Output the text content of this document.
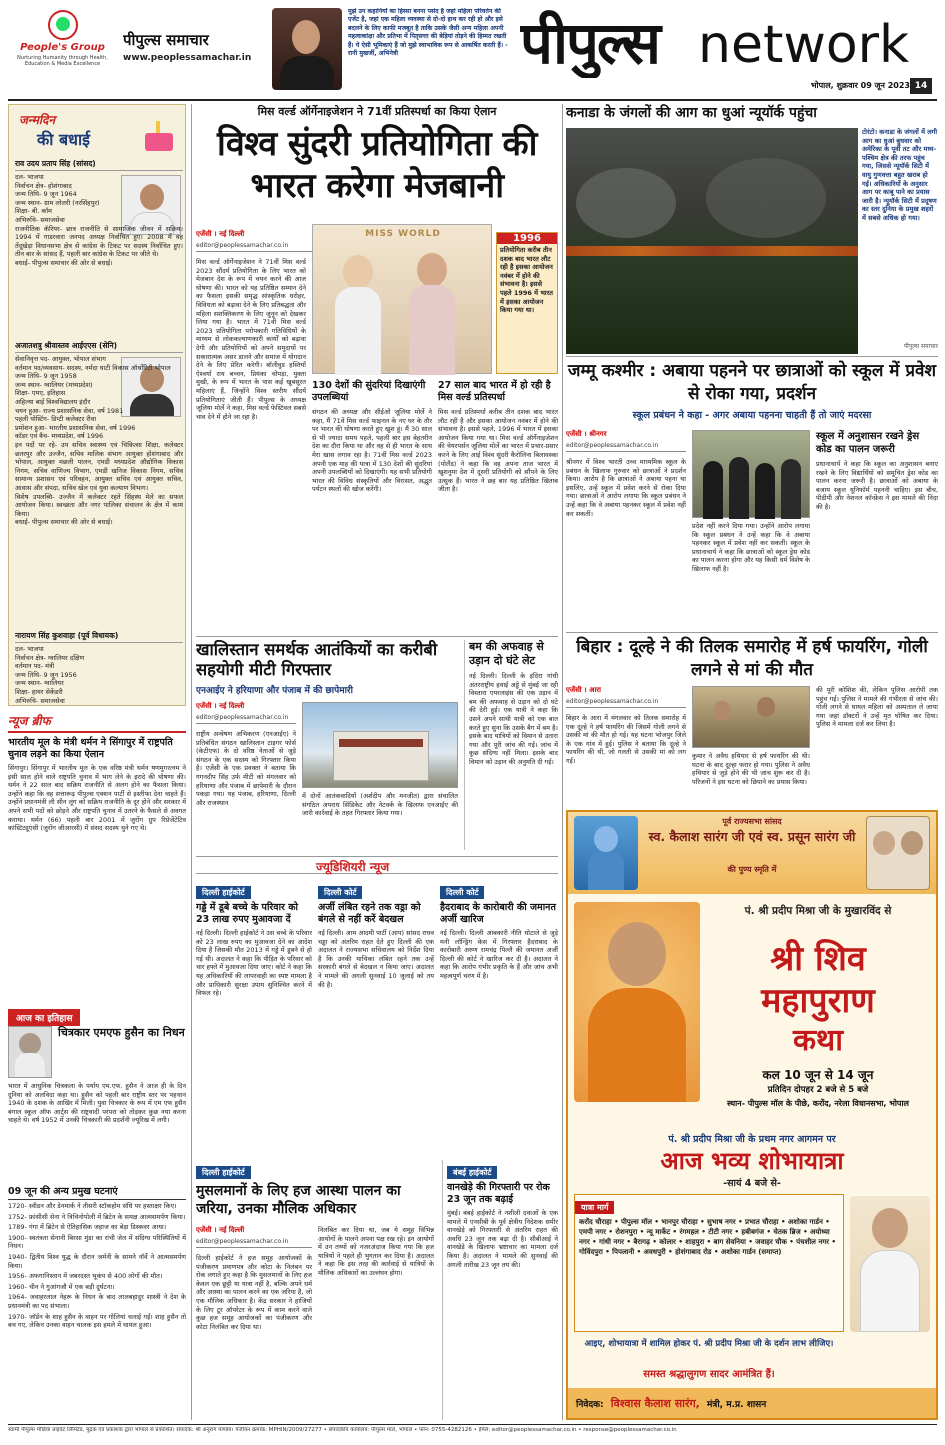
People's Group
Nurturing Humanity through Health, Education & Media Excellence
पीपुल्स समाचार
www.peoplessamachar.in
मुझे उन कहानियों का हिस्सा बनना पसंद है जहां महिला परिवर्तन की एजेंट है, जहां एक महिला व्यवस्था से दो-दो हाथ कर रही हो और इसे बदलने के लिए काफी मजबूत है ताकि उसके जैसी अन्य महिला अपनी महत्वाकांक्षा और प्रतिभा में पितृसत्ता की बेड़ियां तोड़ने की हिम्मत रखती हैं। ये ऐसी भूमिकाएं हैं जो मुझे स्वाभाविक रूप से आकर्षित करती हैं। - रानी मुखर्जी, अभिनेत्री	पीपुल्स network
भोपाल, शुक्रवार 09 जून 2023 14
जन्मदिन
की बधाई
राव उदय प्रताप सिंह (सांसद)
दल- भाजपा
निर्वाचन क्षेत्र- होशंगाबाद
जन्म तिथि- 9 जून 1964
जन्म स्थान- ग्राम लोलरी (नरसिंहपुर)
शिक्षा- बी. कॉम
अभिरुचि- समाजसेवा
राजनीतिक कॅरियर- छात्र राजनीति से सामाजिक जीवन में सक्रिय। 1994 में गाडरवारा जनपद अध्यक्ष निर्वाचित हुए। 2008 में वह तेंदूखेड़ा विधानसभा क्षेत्र से कांग्रेस के टिकट पर सदस्य निर्वाचित हुए। तीन बार के सांसद हैं, पहली बार कांग्रेस के टिकट पर जीते थे।
बधाई- पीपुल्स समाचार की ओर से बधाई।
अजातशत्रु श्रीवास्तव आईएएस (सेनि)
सेवानिवृत्त पद- आयुक्त, भोपाल संभाग
वर्तमान पद/व्यवसाय- सदस्य, नर्मदा घाटी विकास ऑर्थोरिटी भोपाल
जन्म तिथि- 9 जून 1958
जन्म स्थान- ग्वालियर (मध्यप्रदेश)
शिक्षा- एमए, इतिहास
अहिल्या बाई विश्वविद्यालय इंदौर
चयन हुआ- राज्य प्रशासनिक सेवा, वर्ष 1981
पहली पोस्टिंग- डिप्टी कलेक्टर रीवा
प्रमोशन हुआ- भारतीय प्रशासनिक सेवा, वर्ष 1996
कॉडर एवं बैच- मध्यप्रदेश, वर्ष 1996
इन पदों पर रहे- उप सचिव स्वास्थ्य एवं चिकित्सा शिक्षा, कलेक्टर छतरपुर और उज्जैन, सचिव मालिक संभाग आयुक्त होशंगाबाद और भोपाल, आयुक्त मछली पालन, एमडी मध्यप्रदेश औद्योगिक विकास निगम, सचिव वाणिज्य विभाग, एमडी खनिज विकास निगम, सचिव सामान्य प्रशासन एवं परिवहन, आयुक्त सचिव एवं आयुक्त सचिव, आवास और संपदा, सचिव खेल एवं युवा कल्याण विभाग।
विशेष उपलब्धि- उज्जैन में कलेक्टर रहते सिंहस्थ मेले का सफल आयोजन किया। स्वच्छता और नगर पालिका संचालन के क्षेत्र में काम किया।
बधाई- पीपुल्स समाचार की ओर से बधाई।
नारायण सिंह कुशवाहा (पूर्व विधायक)
दल- भाजपा
निर्वाचन क्षेत्र- ग्वालियर दक्षिण
वर्तमान पद- मंत्री
जन्म तिथि- 9 जून 1956
जन्म स्थान- ग्वालियर
शिक्षा- हायर सेकेंडरी
अभिरुचि- समाजसेवा

न्यूज ब्रीफ
भारतीय मूल के मंत्री थर्मन ने सिंगापुर में राष्ट्रपति चुनाव लड़ने का किया ऐलान
सिंगापुर। सिंगापुर में भारतीय मूल के एक वरिष्ठ मंत्री थर्मन षणमुगरत्नम ने इसी साल होने वाले राष्ट्रपति चुनाव में भाग लेने के इरादे की घोषणा की। थर्मन ने 22 साल बाद सक्रिय राजनीति से अलग होने का फैसला किया। उन्होंने कहा कि वह सत्तारूढ़ पीपुल्स एक्शन पार्टी से इस्तीफा देना चाहते हैं। उन्होंने प्रधानमंत्री ली सीन लूंग को सक्रिय राजनीति के दूर होने और सरकार में अपने सभी पदों को छोड़ने और राष्ट्रपति चुनाव में उतरने के फैसले से अवगत कराया। थर्मन (66) पहली बार 2001 में जुरोंग ग्रुप रिप्रेजेंटेटिव कांस्टिट्यूएंसी (जुरोंग जीआरसी) में संसद सदस्य चुने गए थे।
आज का इतिहास
चित्रकार एमएफ हुसैन का निधन
भारत में आधुनिक चित्रकला के पर्याय एम.एफ. हुसैन ने आज ही के दिन दुनिया को अलविदा कहा था। हुसैन को पहली बार राष्ट्रीय स्तर पर पहचान 1940 के दशक के आखिर में मिली। युवा चित्रकार के रूप में एम एफ हुसैन बंगाल स्कूल ऑफ आर्ट्स की राष्ट्रवादी परंपरा को तोड़कर कुछ नया करना चाहते थे। वर्ष 1952 में उनकी चित्रकारी की प्रदर्शनी ज्यूरिख में लगी।
09 जून की अन्य प्रमुख घटनाएं
1720- स्वीडन और डेनमार्क ने तीसरी स्टॉकहोम संधि पर हस्ताक्षर किए।
1752- फ्रांसीसी सेना ने त्रिचिनोपोली में ब्रिटेन के समक्ष आत्मसमर्पण किया।
1789- गंगा में ब्रिटेन से ऐतिहासिक जहाज का बेड़ा डिस्कवर आया।
1900- स्वतंत्रता सेनानी बिरसा मुंडा का रांची जेल में संदिग्ध परिस्थितियों में निधन।
1940- द्वितीय विश्व युद्ध के दौरान जर्मनी के सामने नॉर्वे ने आत्मसमर्पण किया।
1956- अफगानिस्तान में जबरदस्त भूकंप से 400 लोगों की मौत।
1960- चीन ने गुआंगजौ में एक बड़ी दुर्घटना।
1964- जवाहरलाल नेहरू के निधन के बाद लालबहादुर शास्त्री ने देश के प्रधानमंत्री का पद संभाला।
1970- जॉर्डन के शाह हुसैन के वाहन पर गोलियां चलाई गईं। शाह हुसैन तो बच गए, लेकिन उनका वाहन चालक इस हमले में घायल हुआ।
मिस वर्ल्ड ऑर्गेनाइजेशन ने 71वीं प्रतिस्पर्धा का किया ऐलान
विश्व सुंदरी प्रतियोगिता की भारत करेगा मेजबानी
एजेंसी । नई दिल्ली
editor@peoplessamachar.co.in
मिस वर्ल्ड ऑर्गेनाइजेशन ने 71वीं मिस वर्ल्ड 2023 सौंदर्य प्रतियोगिता के लिए भारत को मेजबान देश के रूप में चयन करने की आज घोषणा की। भारत को यह प्रतिष्ठित सम्मान देने का फैसला इसकी समृद्ध सांस्कृतिक धरोहर, विविधता को बढ़ावा देने के लिए प्रतिबद्धता और महिला सशक्तिकरण के लिए जुनून को देखकर लिया गया है। भारत में 71वीं मिस वर्ल्ड 2023 प्रतियोगिता परोपकारी गतिविधियों के माध्यम से लोककल्याणकारी कार्यों को बढ़ावा देगी और प्रतियोगियों को अपने समुदायों पर सकारात्मक असर डालने और समाज में योगदान देने के लिए प्रेरित करेगी। बॉलीवुड हस्तियों ऐश्वर्या राय बच्चन, प्रियंका चोपड़ा, युक्ता मुखी, के रूप में भारत के पास कई खूबसूरत महिलाएं हैं, जिन्होंने विश्व स्तरीय सौंदर्य प्रतियोगिताएं जीती हैं। पीपुल्स के अध्यक्ष जूलिया मोर्ले ने कहा, मिस वर्ल्ड फेस्टिवल सबसे चाव देने में होने जा रहा है।
MISS WORLD	1996
प्रतियोगिता करीब तीन दशक बाद भारत लौट रही है इसका आयोजन नवंबर में होने की संभावना है। इससे पहले 1996 में भारत में इसका आयोजन किया गया था।
130 देशों की सुंदरियां दिखाएंगी उपलब्धियां
संगठन की अध्यक्ष और सीईओ जूलिया मोर्ले ने कहा, मैं 71वें मिस वर्ल्ड फाइनल के नए घर के तौर पर भारत की घोषणा करते हुए खुश हूं। मैं 30 साल से भी ज्यादा समय पहले, पहली बार इस बेहतरीन देश का दौरा किया था और वह से ही भारत के साथ मेरा खास लगाव रहा है। 71वीं मिस वर्ल्ड 2023 अपनी एक माह की यात्रा में 130 देशों की सुंदरियां अपनी उपलब्धियों को दिखाएंगी। यह सभी प्रतियोगी भारत की विविध संस्कृतियों और विरासत, अद्भुत पर्यटन स्थलों की खोज करेंगी।
27 साल बाद भारत में हो रही है मिस वर्ल्ड प्रतिस्पर्धा
मिस वर्ल्ड प्रतिस्पर्धा करीब तीन दशक बाद भारत लौट रही है और इसका आयोजन नवंबर में होने की संभावना है। इससे पहले, 1996 में भारत में इसका आयोजन किया गया था। मिस वर्ल्ड ऑर्गेनाइजेशन की चेयरपर्सन जूलिया मोर्ले का भारत में प्रचार-प्रसार करने के लिए आई विश्व सुंदरी कैरोलिना बिलावस्का (पोलैंड) ने कहा कि वह अपना ताज भारत में खुशनुमा देश में दूसरी प्रतियोगी को सौंपने के लिए उत्सुक हैं। भारत ने छह बार यह प्रतिष्ठित खिताब जीता है।
खालिस्तान समर्थक आतंकियों का करीबी सहयोगी मीटी गिरफ्तार
एनआईए ने हरियाणा और पंजाब में की छापेमारी
एजेंसी । नई दिल्ली
editor@peoplessamachar.co.in
राष्ट्रीय अन्वेषण अभिकरण (एनआईए) ने प्रतिबंधित संगठन खालिस्तान टाइगर फोर्स (केटीएफ) के दो वरिष्ठ नेताओं से जुड़े संगठन के एक सदस्य को गिरफ्तार किया है। एजेंसी के एक प्रवक्ता ने बताया कि गगनदीप सिंह उर्फ मीटी को मंगलवार को हरियाणा और पंजाब में छापेमारी के दौरान पकड़ा गया। यह पंजाब, हरियाणा, दिल्ली और राजस्थान
में दोनों आतंकवादियों (अर्शदीप और मनजीत) द्वारा संचालित संगठित अपराध सिंडिकेट और नेटवर्क के खिलाफ एनआईए की जारी कार्रवाई के तहत गिरफ्तार किया गया।
बम की अफवाह से उड़ान दो घंटे लेट
नई दिल्ली। दिल्ली के इंदिरा गांधी अंतरराष्ट्रीय हवाई अड्डे से मुंबई जा रही विस्तारा एयरलाइंस की एक उड़ान में बम की अफवाह से उड़ान को दो घंटे की देरी हुई। एक यात्री ने कहा कि उसने अपने साथी यात्री को एक बात करते हुए सुना कि उसके बैग में बम है। इसके बाद यात्रियों को विमान से उतारा गया और पूरी जांच की गई। जांच में कुछ संदिग्ध नहीं मिला। इसके बाद विमान को उड़ान की अनुमति दी गई।
ज्यूडिशियरी न्यूज
दिल्ली हाईकोर्ट
गड्डे में डूबे बच्चे के परिवार को 23 लाख रुपए मुआवजा दें
नई दिल्ली। दिल्ली हाईकोर्ट ने उस बच्चे के परिवार को 23 लाख रुपए का मुआवजा देने का आदेश दिया है जिसकी मौत 2013 में गड्डे में डूबने से हो गई थी। अदालत ने कहा कि पीड़ित के परिवार को चार हफ्ते में मुआवजा दिया जाए। कोर्ट ने कहा कि यह अधिकारियों की लापरवाही का स्पष्ट मामला है और प्राधिकारी सुरक्षा उपाय सुनिश्चित करने में विफल रहे।
दिल्ली कोर्ट
अर्जी लंबित रहने तक वड्रा को बंगले से नहीं करें बेदखल
नई दिल्ली। आम आदमी पार्टी (आप) सांसद राघव चड्ढा को अंतरिम राहत देते हुए दिल्ली की एक अदालत ने राज्यसभा सचिवालय को निर्देश दिया है कि उनकी याचिका लंबित रहने तक उन्हें सरकारी बंगले से बेदखल न किया जाए। अदालत ने मामले की अगली सुनवाई 10 जुलाई को तय की है।
दिल्ली कोर्ट
हैदराबाद के कारोबारी की जमानत अर्जी खारिज
नई दिल्ली। दिल्ली आबकारी नीति घोटाले से जुड़े मनी लॉन्ड्रिंग केस में गिरफ्तार हैदराबाद के कारोबारी अरुण रामचंद्र पिल्लै की जमानत अर्जी दिल्ली की कोर्ट ने खारिज कर दी है। अदालत ने कहा कि आरोप गंभीर प्रकृति के हैं और जांच अभी महत्वपूर्ण चरण में है।
दिल्ली हाईकोर्ट
मुसलमानों के लिए हज आस्था पालन का जरिया, उनका मौलिक अधिकार
एजेंसी । नई दिल्ली
editor@peoplessamachar.co.in
दिल्ली हाईकोर्ट ने हज समूह आयोजकों के पंजीकरण प्रमाणपत्र और कोटा के निलंबन पर रोक लगाते हुए कहा है कि मुसलमानों के लिए हज केवल एक छुट्टी या यात्रा नहीं है, बल्कि अपने धर्म और आस्था का पालन करने का एक जरिया है, जो एक मौलिक अधिकार है। केंद्र सरकार ने हाजियों के लिए टूर ऑपरेटर के रूप में काम करने वाले कुछ हज समूह आयोजकों का पंजीकरण और कोटा निलंबित कर दिया था।
निलंबित कर दिया था, जब ये समूह विभिन्न आयोगों के पालने अपना पक्ष रख रहे। इन आयोगों में उन तथ्यों को नजरअंदाज किया गया कि हज यात्रियों ने पहले ही भुगतान कर दिया है। अदालत ने कहा कि इस तरह की कार्रवाई से यात्रियों के मौलिक अधिकारों का उल्लंघन होगा।
बंबई हाईकोर्ट
वानखेड़े की गिरफ्तारी पर रोक 23 जून तक बढ़ाई
मुंबई। बंबई हाईकोर्ट ने नशीली दवाओं के एक मामले में एनसीबी के पूर्व क्षेत्रीय निदेशक समीर वानखेड़े को गिरफ्तारी से अंतरिम राहत की अवधि 23 जून तक बढ़ा दी है। सीबीआई ने वानखेड़े के खिलाफ भ्रष्टाचार का मामला दर्ज किया है। अदालत ने मामले की सुनवाई की अगली तारीख 23 जून तय की।
कनाडा के जंगलों की आग का धुआं न्यूयॉर्क पहुंचा
टोरंटो। कनाडा के जंगलों में लगी आग का धुआं बुधवार को अमेरिका के पूर्वी तट और मध्य-पश्चिम क्षेत्र की तरफ पहुंच गया, जिससे न्यूयॉर्क सिटी में वायु गुणवत्ता बहुत खराब हो गई। अधिकारियों के अनुसार आग पर काबू पाने का प्रयास जारी है। न्यूयॉर्क सिटी में प्रदूषण का स्तर दुनिया के प्रमुख शहरों में सबसे अधिक हो गया।
पीपुल्स समाचार
जम्मू कश्मीर : अबाया पहनने पर छात्राओं को स्कूल में प्रवेश से रोका गया, प्रदर्शन
स्कूल प्रबंधन ने कहा - अगर अबाया पहनना चाहती हैं तो जाएं मदरसा
एजेंसी । श्रीनगर
editor@peoplessamachar.co.in
श्रीनगर में विश्व भारती उच्च माध्यमिक स्कूल के प्रबंधन के खिलाफ गुरुवार को छात्राओं ने प्रदर्शन किया। आरोप है कि छात्राओं ने अबाया पहना था इसलिए, उन्हें स्कूल में प्रवेश करने से रोका दिया गया। छात्राओं ने आरोप लगाया कि स्कूल प्रबंधन ने उन्हें कहा कि वे अबाया पहनकर स्कूल में प्रवेश नहीं कर सकतीं।
प्रदेश नहीं करने दिया गया। उन्होंने आरोप लगाया कि स्कूल प्रबंधन ने उन्हें कहा कि वे अबाया पहनकर स्कूल में प्रवेश नहीं कर सकतीं। स्कूल के प्रधानाचार्य ने कहा कि छात्राओं को स्कूल ड्रेस कोड का पालन करना होगा और यह किसी धर्म विशेष के खिलाफ नहीं है।
स्कूल में अनुशासन रखने ड्रेस कोड का पालन जरूरी
प्रधानाचार्य ने कहा कि स्कूल का अनुशासन बनाए रखने के लिए विद्यार्थियों को समुचित ड्रेस कोड का पालन करना जरूरी है। छात्राओं को अबाया के बजाय स्कूल यूनिफॉर्म पहननी चाहिए। इस बीच, पीडीपी और नेशनल कॉन्फ्रेंस ने इस मामले की निंदा की है।
बिहार : दूल्हे ने की तिलक समारोह में हर्ष फायरिंग, गोली लगने से मां की मौत
एजेंसी । आरा
editor@peoplessamachar.co.in
बिहार के आरा में मंगलवार को तिलक समारोह में एक दूल्हे ने हर्ष फायरिंग की जिसमें गोली लगने से उसकी मां की मौत हो गई। यह घटना भोजपुर जिले के एक गांव में हुई। पुलिस ने बताया कि दूल्हे ने फायरिंग की थी, जो गलती से उसकी मां को लग गई।
कुमार ने अवैध हथियार से हर्ष फायरिंग की थी। घटना के बाद दूल्हा फरार हो गया। पुलिस ने अवैध हथियार से जुड़े होने की भी जांच शुरू कर दी है। परिजनों ने इस घटना को छिपाने का प्रयास किया।
की पूरी कोशिश की, लेकिन पुलिस आरोपी तक पहुंच गई। पुलिस ने मामले की गंभीरता से जांच की। गोली लगने से घायल महिला को अस्पताल ले जाया गया जहां डॉक्टरों ने उन्हें मृत घोषित कर दिया। पुलिस ने मामला दर्ज कर लिया है।
पूर्व राज्यसभा सांसद
स्व. कैलाश सारंग जी एवं स्व. प्रसून सारंग जी
की पुण्य स्मृति में
पं. श्री प्रदीप मिश्रा जी के मुखारविंद से
श्री शिव
महापुराण
कथा
कल 10 जून से 14 जून
प्रतिदिन दोपहर 2 बजे से 5 बजे
स्थान- पीपुल्स मॉल के पीछे, करोंद, नरेला विधानसभा, भोपाल
पं. श्री प्रदीप मिश्रा जी के प्रथम नगर आगमन पर
आज भव्य शोभायात्रा
-सायं 4 बजे से-
यात्रा मार्ग
करोंद चौराहा • पीपुल्स मॉल • भानपुर चौराहा • सुभाष नगर • प्रभात चौराहा • अशोका गार्डन • एमपी नगर • रोशनपुरा • न्यू मार्केट • रंगमहल • टीटी नगर • हबीबगंज • चेतक ब्रिज • अयोध्या नगर • गांधी नगर • बैरागढ़ • कोलार • शाहपुरा • बाग सेवनिया • जवाहर चौक • पंचशील नगर • गोविंदपुरा • पिपलानी • अवधपुरी • होशंगाबाद रोड • अशोका गार्डन (समाप्त)
आइए, शोभायात्रा में शामिल होकर पं. श्री प्रदीप मिश्रा जी के दर्शन लाभ लीजिए।
समस्त श्रद्धालुगण सादर आमंत्रित हैं।
निवेदक: विश्वास कैलाश सारंग, मंत्री, म.प्र. शासन
स्वामी पीपुल्स मीडिया प्राइवेट लिमिटेड, मुद्रक एवं प्रकाशक द्वारा भोपाल से प्रकाशित। संपादक: श्री अनुराग पाण्डेय। पंजीयन क्रमांक: MPHIN/2009/27277 • संपादकीय कार्यालय: पीपुल्स मॉल, भोपाल • फोन: 0755-4282126 • ईमेल: editor@peoplessamachar.co.in • response@peoplessamachar.co.in
